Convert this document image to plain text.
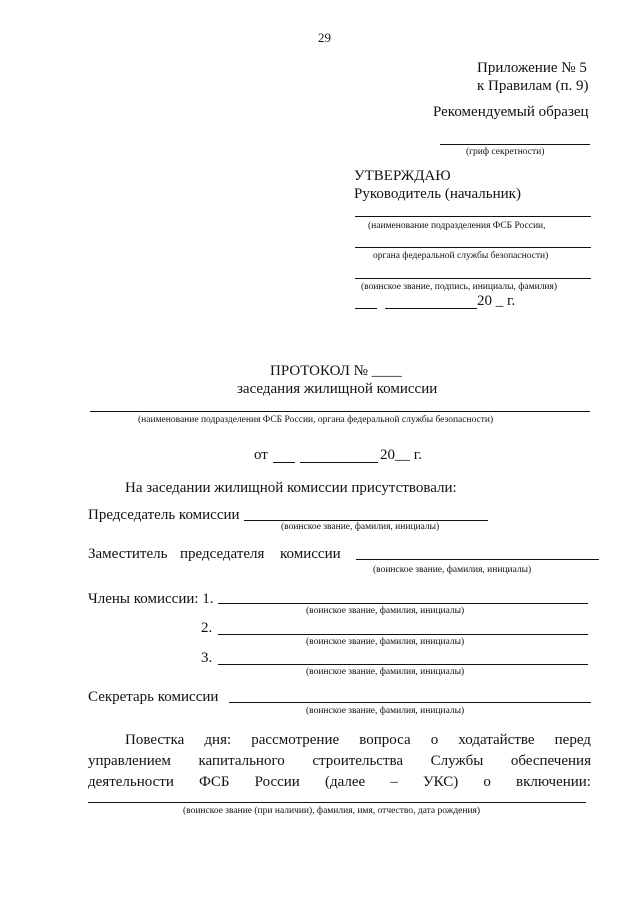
29
Приложение № 5
к Правилам (п. 9)
Рекомендуемый образец
(гриф секретности)
УТВЕРЖДАЮ
Руководитель (начальник)
(наименование подразделения ФСБ России,
органа федеральной службы безопасности)
(воинское звание, подпись, инициалы, фамилия)
20 _ г.
ПРОТОКОЛ № ____
заседания жилищной комиссии
(наименование подразделения ФСБ России, органа федеральной службы безопасности)
от	20__ г.
На заседании жилищной комиссии присутствовали:
Председатель комиссии
(воинское звание, фамилия, инициалы)
Заместитель председателя комиссии
(воинское звание, фамилия, инициалы)
Члены комиссии: 1.
(воинское звание, фамилия, инициалы)
2.
(воинское звание, фамилия, инициалы)
3.
(воинское звание, фамилия, инициалы)
Секретарь комиссии
(воинское звание, фамилия, инициалы)
Повестка дня: рассмотрение вопроса о ходатайстве перед
управлением капитального строительства Службы обеспечения
деятельности ФСБ России (далее – УКС) о включении:
(воинское звание (при наличии), фамилия, имя, отчество, дата рождения)
